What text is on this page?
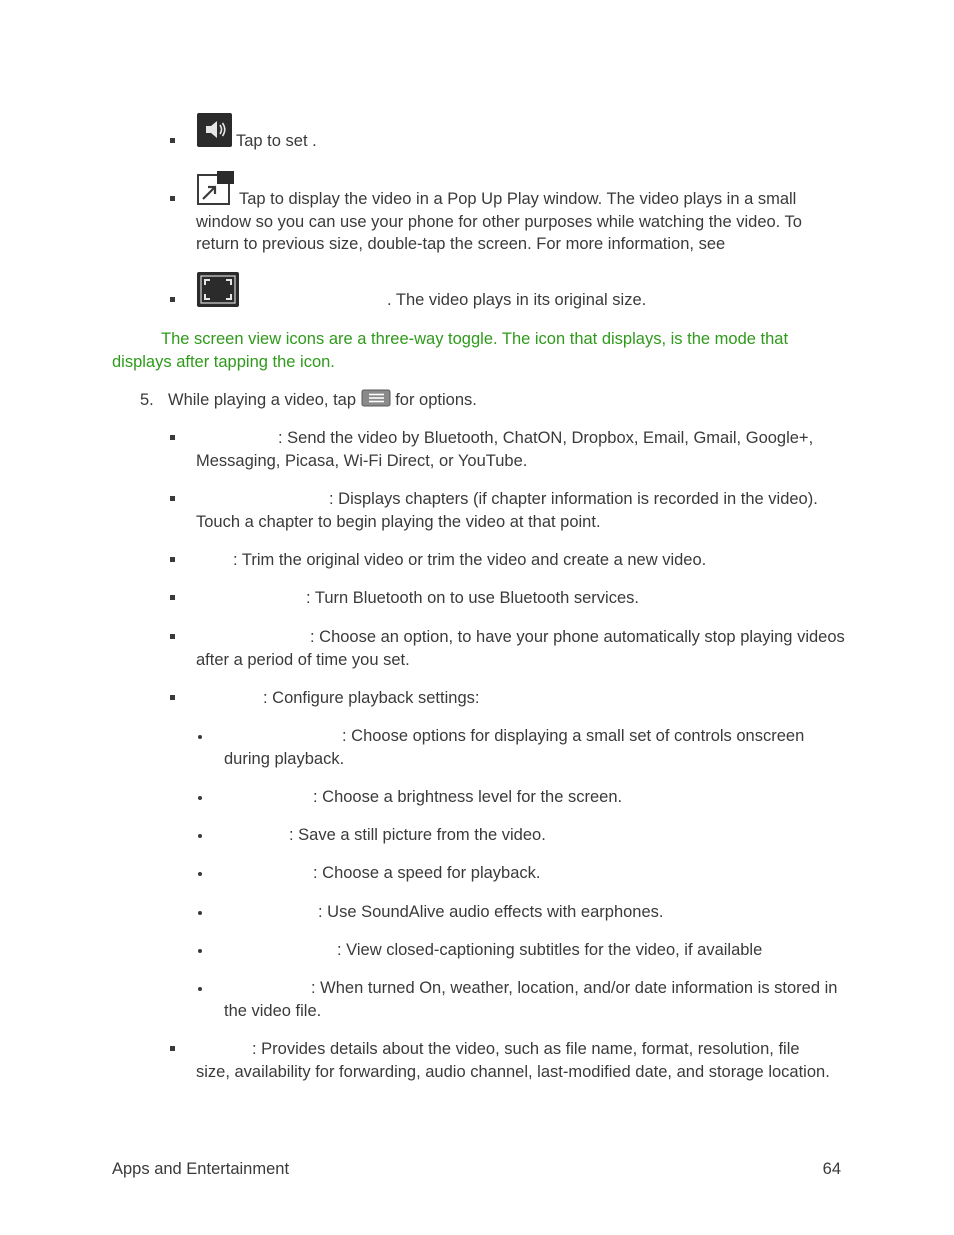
Tap to set .
Tap to display the video in a Pop Up Play window. The video plays in a small window so you can use your phone for other purposes while watching the video. To return to previous size, double-tap the screen. For more information, see
. The video plays in its original size.
The screen view icons are a three-way toggle. The icon that displays, is the mode that displays after tapping the icon.
5. While playing a video, tap for options.
: Send the video by Bluetooth, ChatON, Dropbox, Email, Gmail, Google+, Messaging, Picasa, Wi-Fi Direct, or YouTube.
: Displays chapters (if chapter information is recorded in the video). Touch a chapter to begin playing the video at that point.
: Trim the original video or trim the video and create a new video.
: Turn Bluetooth on to use Bluetooth services.
: Choose an option, to have your phone automatically stop playing videos after a period of time you set.
: Configure playback settings:
: Choose options for displaying a small set of controls onscreen during playback.
: Choose a brightness level for the screen.
: Save a still picture from the video.
: Choose a speed for playback.
: Use SoundAlive audio effects with earphones.
: View closed-captioning subtitles for the video, if available
: When turned On, weather, location, and/or date information is stored in the video file.
: Provides details about the video, such as file name, format, resolution, file size, availability for forwarding, audio channel, last-modified date, and storage location.
Apps and Entertainment	64
